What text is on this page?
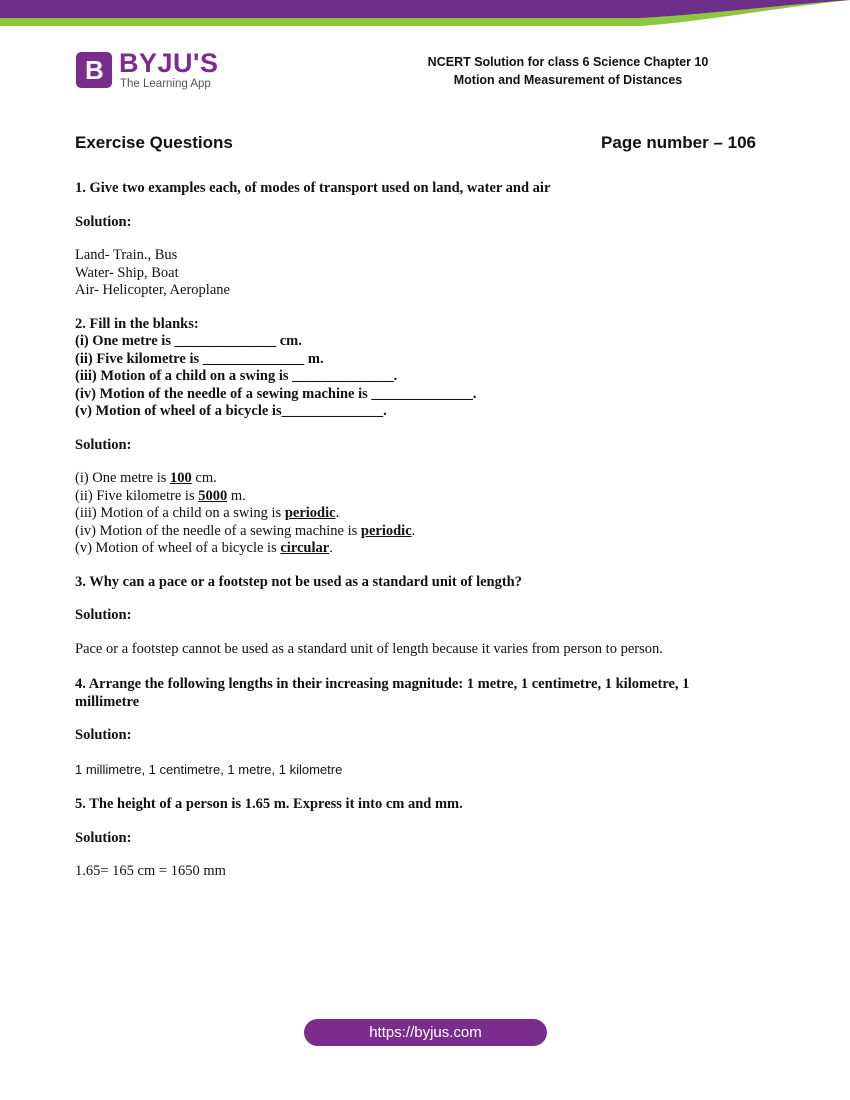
B BYJU'S
The Learning App
NCERT Solution for class 6 Science Chapter 10
Motion and Measurement of Distances
Exercise Questions	Page number – 106

1. Give two examples each, of modes of transport used on land, water and air

Solution:

Land- Train., Bus

Water- Ship, Boat

Air- Helicopter, Aeroplane

2. Fill in the blanks:

(i) One metre is ______________ cm.

(ii) Five kilometre is ______________ m.

(iii) Motion of a child on a swing is ______________.

(iv) Motion of the needle of a sewing machine is ______________.

(v) Motion of wheel of a bicycle is______________.

Solution:

(i) One metre is 100 cm.

(ii) Five kilometre is 5000 m.

(iii) Motion of a child on a swing is periodic.

(iv) Motion of the needle of a sewing machine is periodic.

(v) Motion of wheel of a bicycle is circular.

3. Why can a pace or a footstep not be used as a standard unit of length?

Solution:

Pace or a footstep cannot be used as a standard unit of length because it varies from person to person.

4. Arrange the following lengths in their increasing magnitude: 1 metre, 1 centimetre, 1 kilometre, 1

millimetre

Solution:

1 millimetre, 1 centimetre, 1 metre, 1 kilometre

5. The height of a person is 1.65 m. Express it into cm and mm.

Solution:

1.65= 165 cm = 1650 mm

https://byjus.com
